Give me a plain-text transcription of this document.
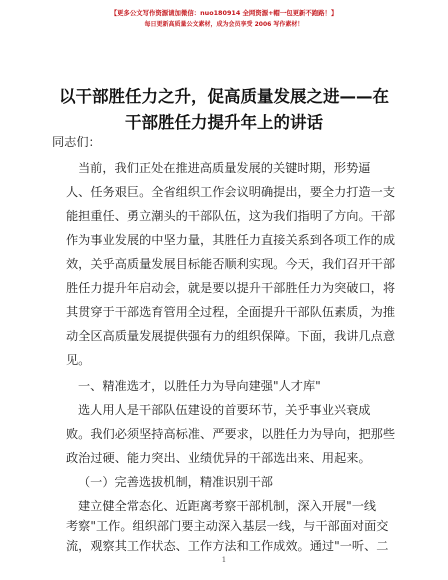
【更多公文写作资源请加微信：nuo180914 全网资源+帽一包更新不跑路！】
每日更新高质量公文素材，成为会员享受 2006 写作素材！
以干部胜任力之升，促高质量发展之进——在
干部胜任力提升年上的讲话
同志们：
当前，我们正处在推进高质量发展的关键时期，形势逼
人、任务艰巨。全省组织工作会议明确提出，要全力打造一支
能担重任、勇立潮头的干部队伍，这为我们指明了方向。干部
作为事业发展的中坚力量，其胜任力直接关系到各项工作的成
效，关乎高质量发展目标能否顺利实现。今天，我们召开干部
胜任力提升年启动会，就是要以提升干部胜任力为突破口，将
其贯穿于干部选育管用全过程，全面提升干部队伍素质，为推
动全区高质量发展提供强有力的组织保障。下面，我讲几点意
见。
一、精准选才，以胜任力为导向建强"人才库"
选人用人是干部队伍建设的首要环节，关乎事业兴衰成
败。我们必须坚持高标准、严要求，以胜任力为导向，把那些
政治过硬、能力突出、业绩优异的干部选出来、用起来。
（一）完善选拔机制，精准识别干部
建立健全常态化、近距离考察干部机制，深入开展"一线
考察"工作。组织部门要主动深入基层一线，与干部面对面交
流，观察其工作状态、工作方法和工作成效。通过"一听、二
1
